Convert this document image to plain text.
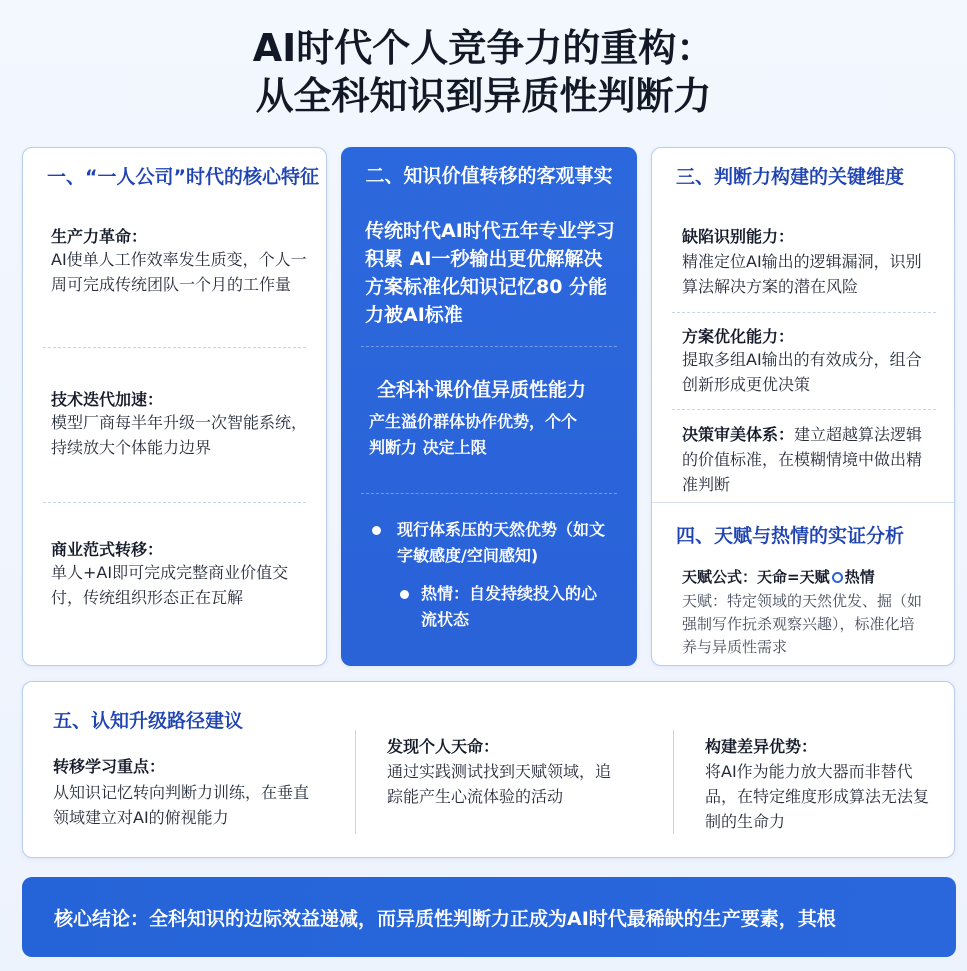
AI时代个人竞争力的重构：
从全科知识到异质性判断力
一、“一人公司”时代的核心特征
生产力革命：
AI使单人工作效率发生质变，个人一周可完成传统团队一个月的工作量
技术迭代加速：
模型厂商每半年升级一次智能系统，持续放大个体能力边界
商业范式转移：
单人+AI即可完成完整商业价值交付，传统组织形态正在瓦解
二、知识价值转移的客观事实
传统时代AI时代五年专业学习积累 AI一秒输出更优解解决方案标准化知识记忆80 分能力被AI标准
全科补课价值异质性能力
产生溢价群体协作优势，个个判断力 决定上限
现行体系压的天然优势（如文字敏感度/空间感知)
热情：自发持续投入的心流状态
三、判断力构建的关键维度
缺陷识别能力：
精准定位AI输出的逻辑漏洞，识别算法解决方案的潜在风险
方案优化能力：
提取多组AI输出的有效成分，组合创新形成更优决策
决策审美体系：建立超越算法逻辑的价值标准，在模糊情境中做出精准判断
四、天赋与热情的实证分析
天赋公式：天命=天赋 热情
天赋：特定领域的天然优发、掘（如强制写作抏杀观察兴趣），标准化培养与异质性需求
五、认知升级路径建议
转移学习重点：
从知识记忆转向判断力训练，在垂直领域建立对AI的俯视能力
发现个人天命：
通过实践测试找到天赋领域，追踪能产生心流体验的活动
构建差异优势：
将AI作为能力放大器而非替代品，在特定维度形成算法无法复制的生命力
核心结论：全科知识的边际效益递减，而异质性判断力正成为AI时代最稀缺的生产要素，其根
